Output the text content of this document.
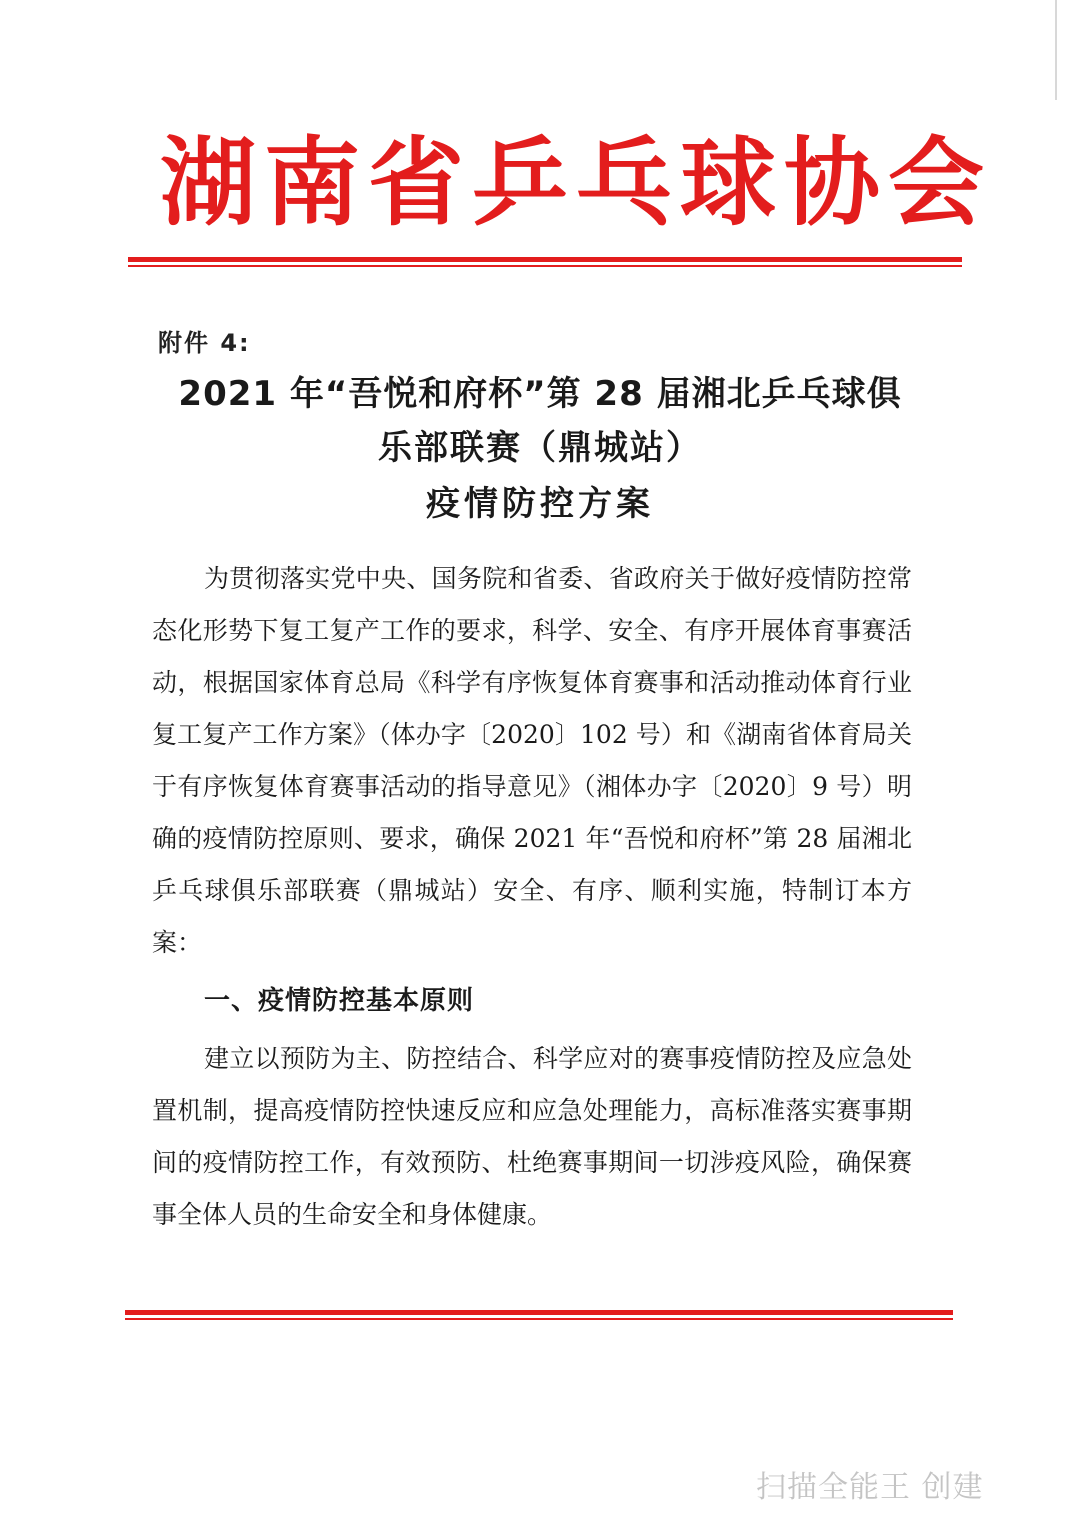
湖南省乒乓球协会
附件 4:
2021 年“吾悦和府杯”第 28 届湘北乒乓球俱
乐部联赛（鼎城站）
疫情防控方案
为贯彻落实党中央、国务院和省委、省政府关于做好疫情防控常态化形势下复工复产工作的要求，科学、安全、有序开展体育事赛活动，根据国家体育总局《科学有序恢复体育赛事和活动推动体育行业复工复产工作方案》（体办字〔2020〕102 号）和《湖南省体育局关于有序恢复体育赛事活动的指导意见》（湘体办字〔2020〕9 号）明确的疫情防控原则、要求，确保 2021 年“吾悦和府杯”第 28 届湘北乒乓球俱乐部联赛（鼎城站）安全、有序、顺利实施，特制订本方案：
一、疫情防控基本原则
建立以预防为主、防控结合、科学应对的赛事疫情防控及应急处置机制，提高疫情防控快速反应和应急处理能力，高标准落实赛事期间的疫情防控工作，有效预防、杜绝赛事期间一切涉疫风险，确保赛事全体人员的生命安全和身体健康。
扫描全能王 创建
